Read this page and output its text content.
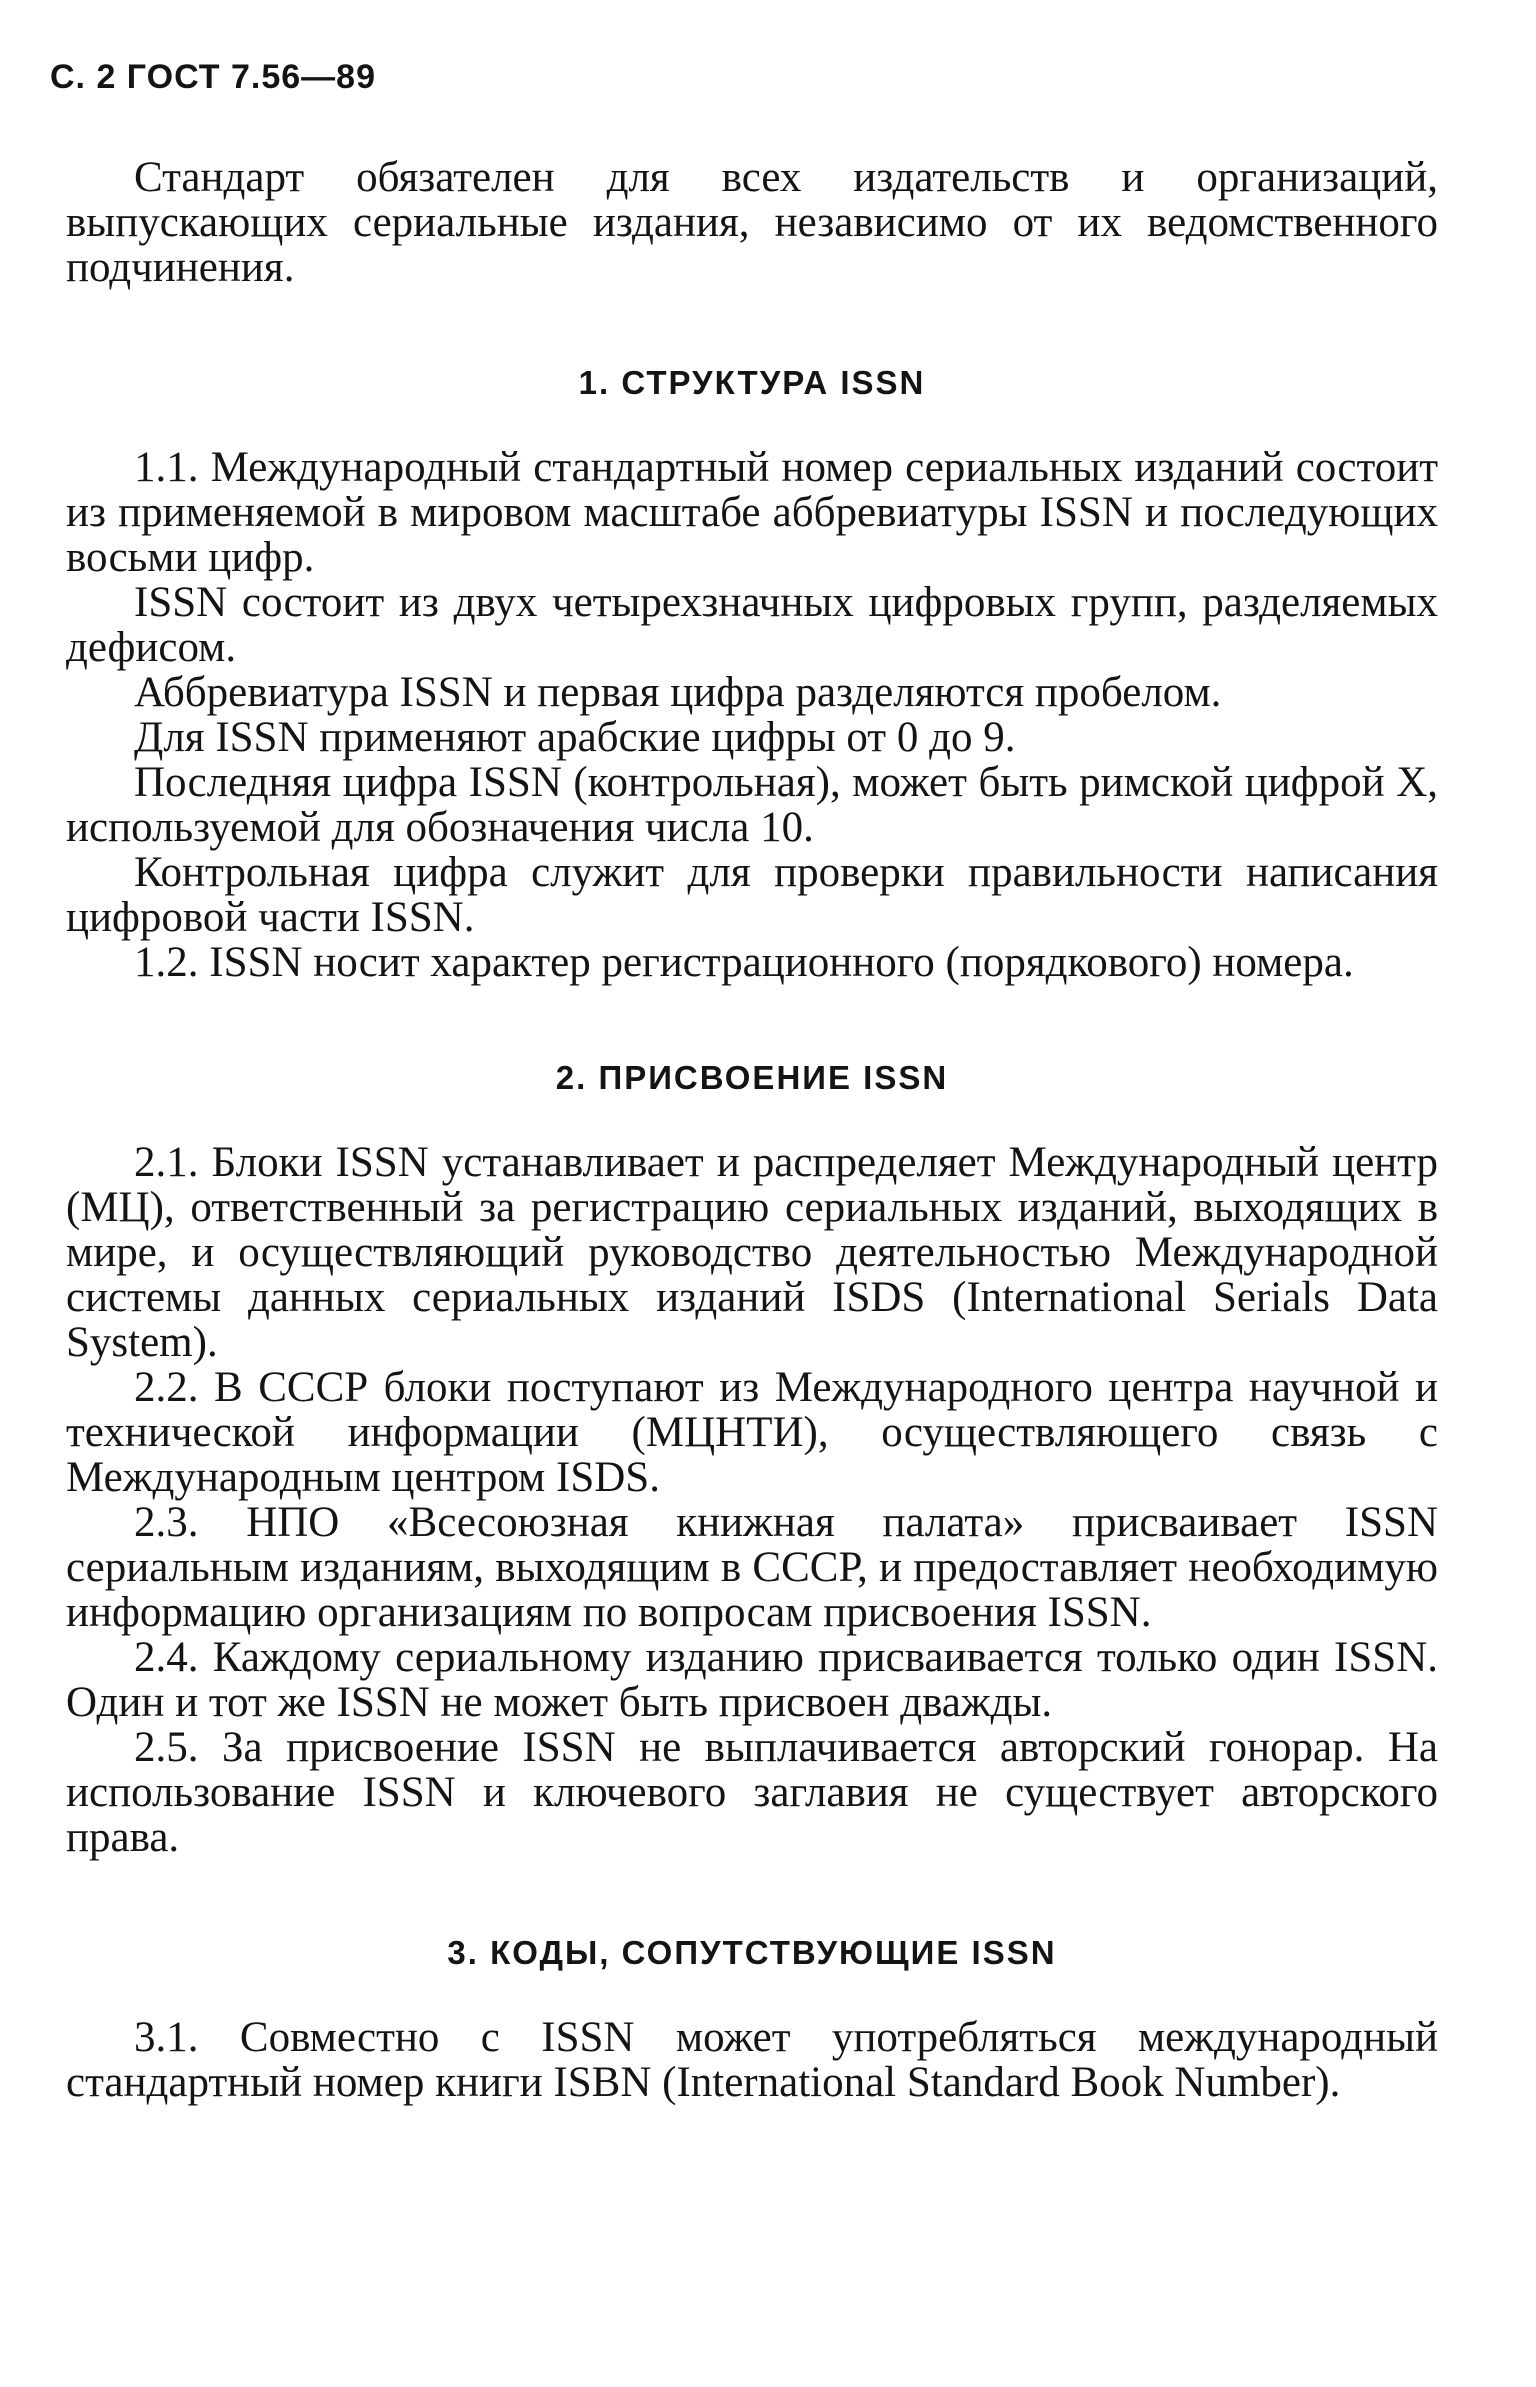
С. 2 ГОСТ 7.56—89

Стандарт обязателен для всех издательств и организаций, выпускающих сериальные издания, независимо от их ведомственного подчинения.

1. СТРУКТУРА ISSN

1.1. Международный стандартный номер сериальных изданий состоит из применяемой в мировом масштабе аббревиатуры ISSN и последующих восьми цифр.

ISSN состоит из двух четырехзначных цифровых групп, разделяемых дефисом.

Аббревиатура ISSN и первая цифра разделяются пробелом.

Для ISSN применяют арабские цифры от 0 до 9.

Последняя цифра ISSN (контрольная), может быть римской цифрой X, используемой для обозначения числа 10.

Контрольная цифра служит для проверки правильности написания цифровой части ISSN.

1.2. ISSN носит характер регистрационного (порядкового) номера.

2. ПРИСВОЕНИЕ ISSN

2.1. Блоки ISSN устанавливает и распределяет Международный центр (МЦ), ответственный за регистрацию сериальных изданий, выходящих в мире, и осуществляющий руководство деятельностью Международной системы данных сериальных изданий ISDS (International Serials Data System).

2.2. В СССР блоки поступают из Международного центра научной и технической информации (МЦНТИ), осуществляющего связь с Международным центром ISDS.

2.3. НПО «Всесоюзная книжная палата» присваивает ISSN сериальным изданиям, выходящим в СССР, и предоставляет необходимую информацию организациям по вопросам присвоения ISSN.

2.4. Каждому сериальному изданию присваивается только один ISSN. Один и тот же ISSN не может быть присвоен дважды.

2.5. За присвоение ISSN не выплачивается авторский гонорар. На использование ISSN и ключевого заглавия не существует авторского права.

3. КОДЫ, СОПУТСТВУЮЩИЕ ISSN

3.1. Совместно с ISSN может употребляться международный стандартный номер книги ISBN (International Standard Book Number).
